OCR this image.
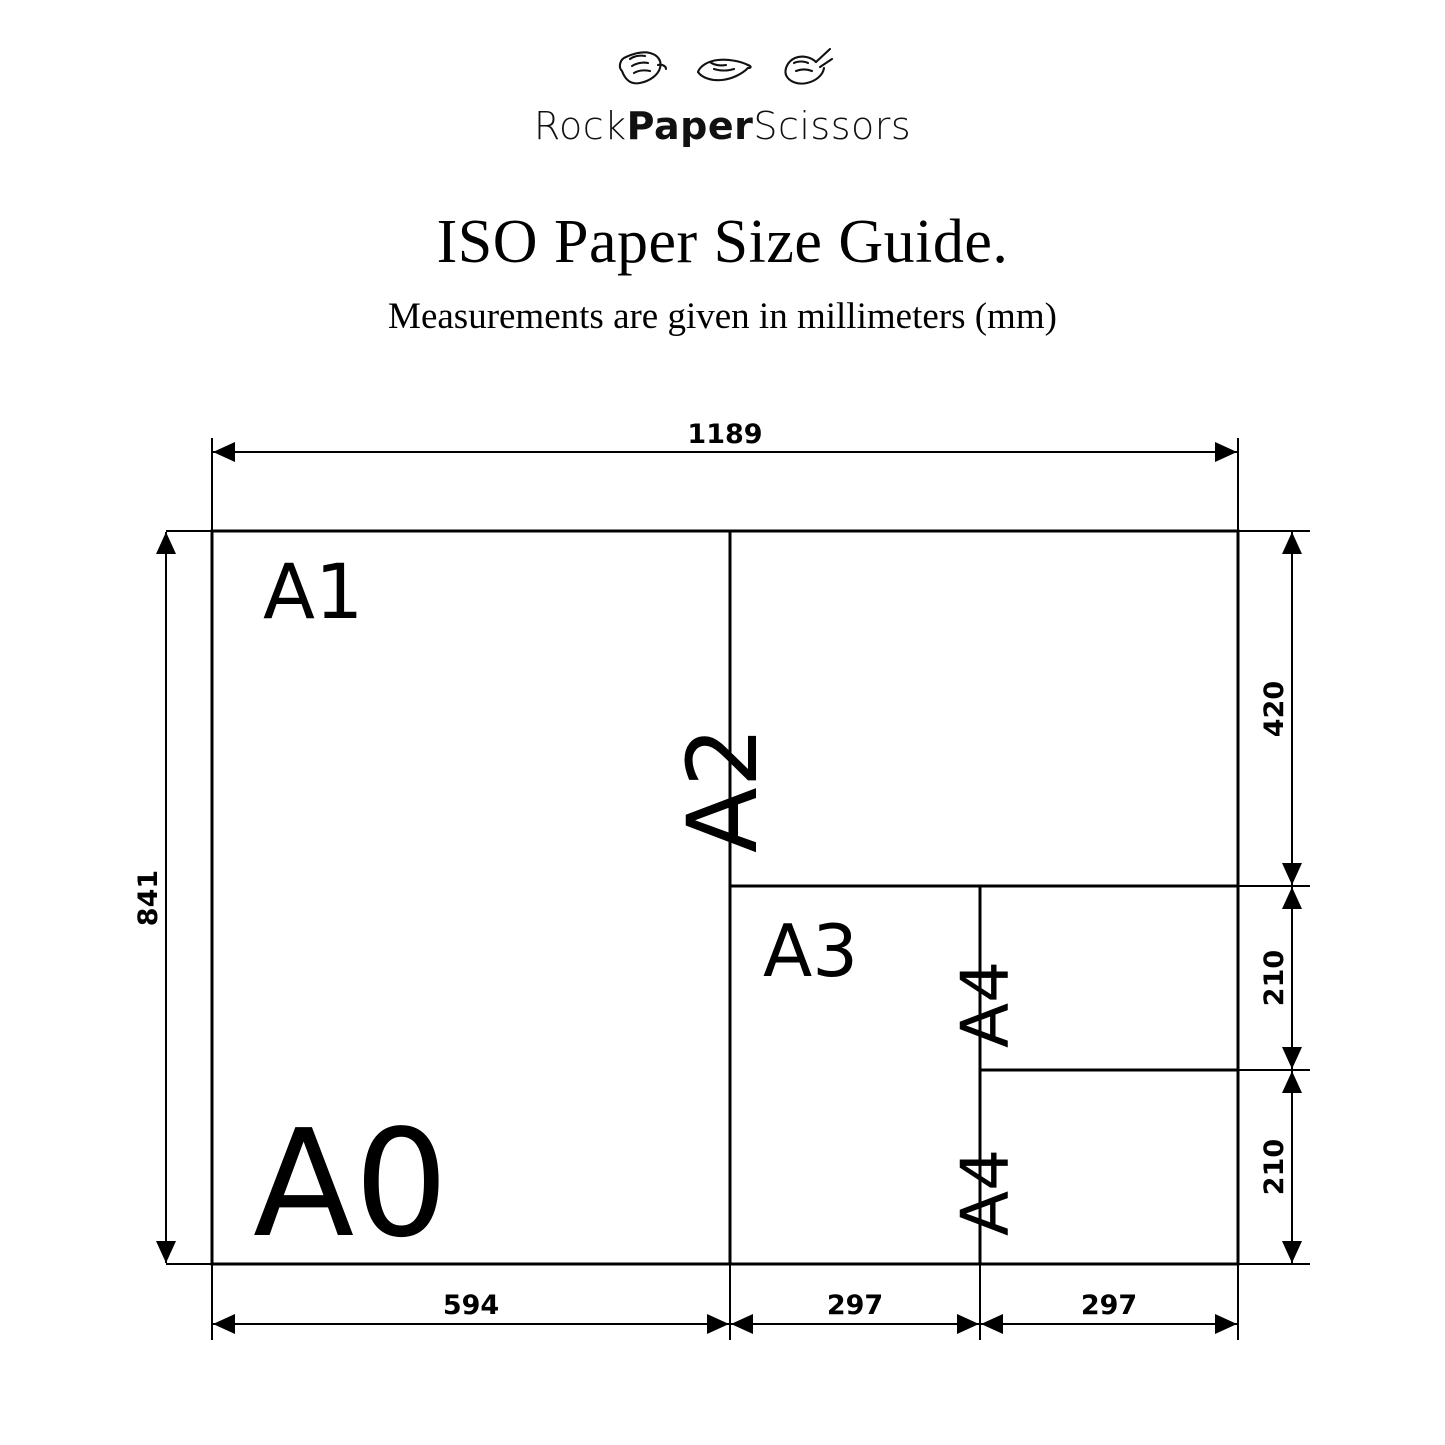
RockPaperScissors
ISO Paper Size Guide.
Measurements are given in millimeters (mm)
1189
841
420
210
210
594	297	297
A1
A2
A3
A4
A4
A0
